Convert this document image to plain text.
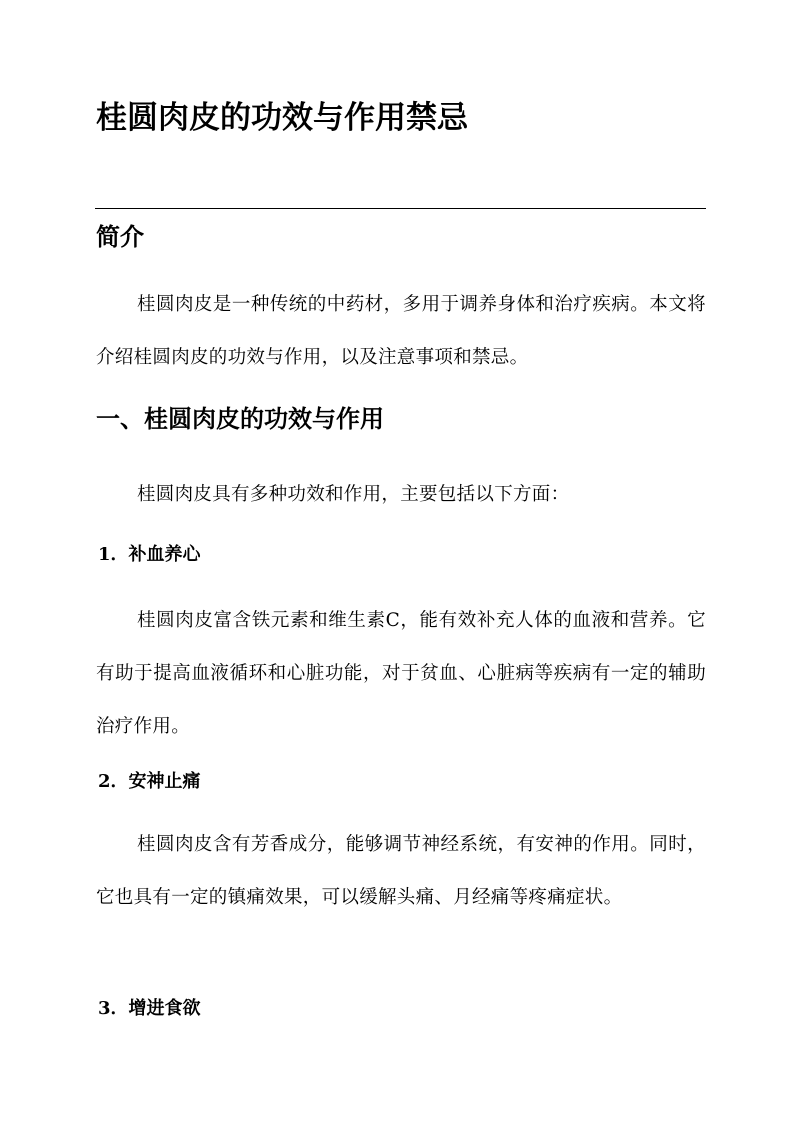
桂圆肉皮的功效与作用禁忌
简介

桂圆肉皮是一种传统的中药材，多用于调养身体和治疗疾病。本文将介绍桂圆肉皮的功效与作用，以及注意事项和禁忌。

一、桂圆肉皮的功效与作用

桂圆肉皮具有多种功效和作用，主要包括以下方面：

1．补血养心

桂圆肉皮富含铁元素和维生素C，能有效补充人体的血液和营养。它有助于提高血液循环和心脏功能，对于贫血、心脏病等疾病有一定的辅助治疗作用。

2．安神止痛

桂圆肉皮含有芳香成分，能够调节神经系统，有安神的作用。同时，它也具有一定的镇痛效果，可以缓解头痛、月经痛等疼痛症状。

3．增进食欲
